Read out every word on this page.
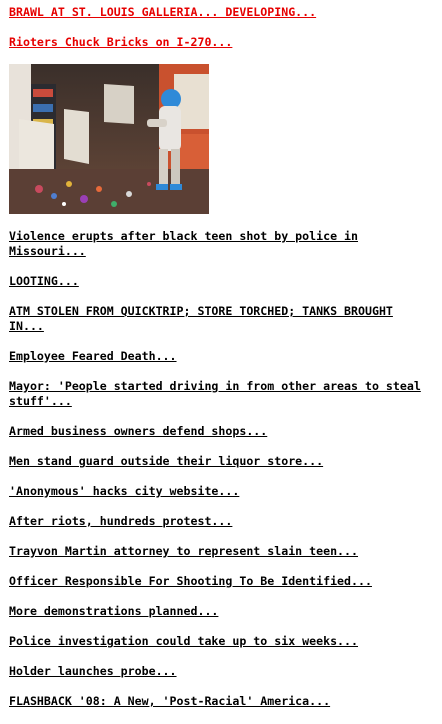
BRAWL AT ST. LOUIS GALLERIA... DEVELOPING...
Rioters Chuck Bricks on I-270...
Violence erupts after black teen shot by police in Missouri...
LOOTING...
ATM STOLEN FROM QUICKTRIP; STORE TORCHED; TANKS BROUGHT IN...
Employee Feared Death...
Mayor: 'People started driving in from other areas to steal stuff'...
Armed business owners defend shops...
Men stand guard outside their liquor store...
'Anonymous' hacks city website...
After riots, hundreds protest...
Trayvon Martin attorney to represent slain teen...
Officer Responsible For Shooting To Be Identified...
More demonstrations planned...
Police investigation could take up to six weeks...
Holder launches probe...
FLASHBACK '08: A New, 'Post-Racial' America...
